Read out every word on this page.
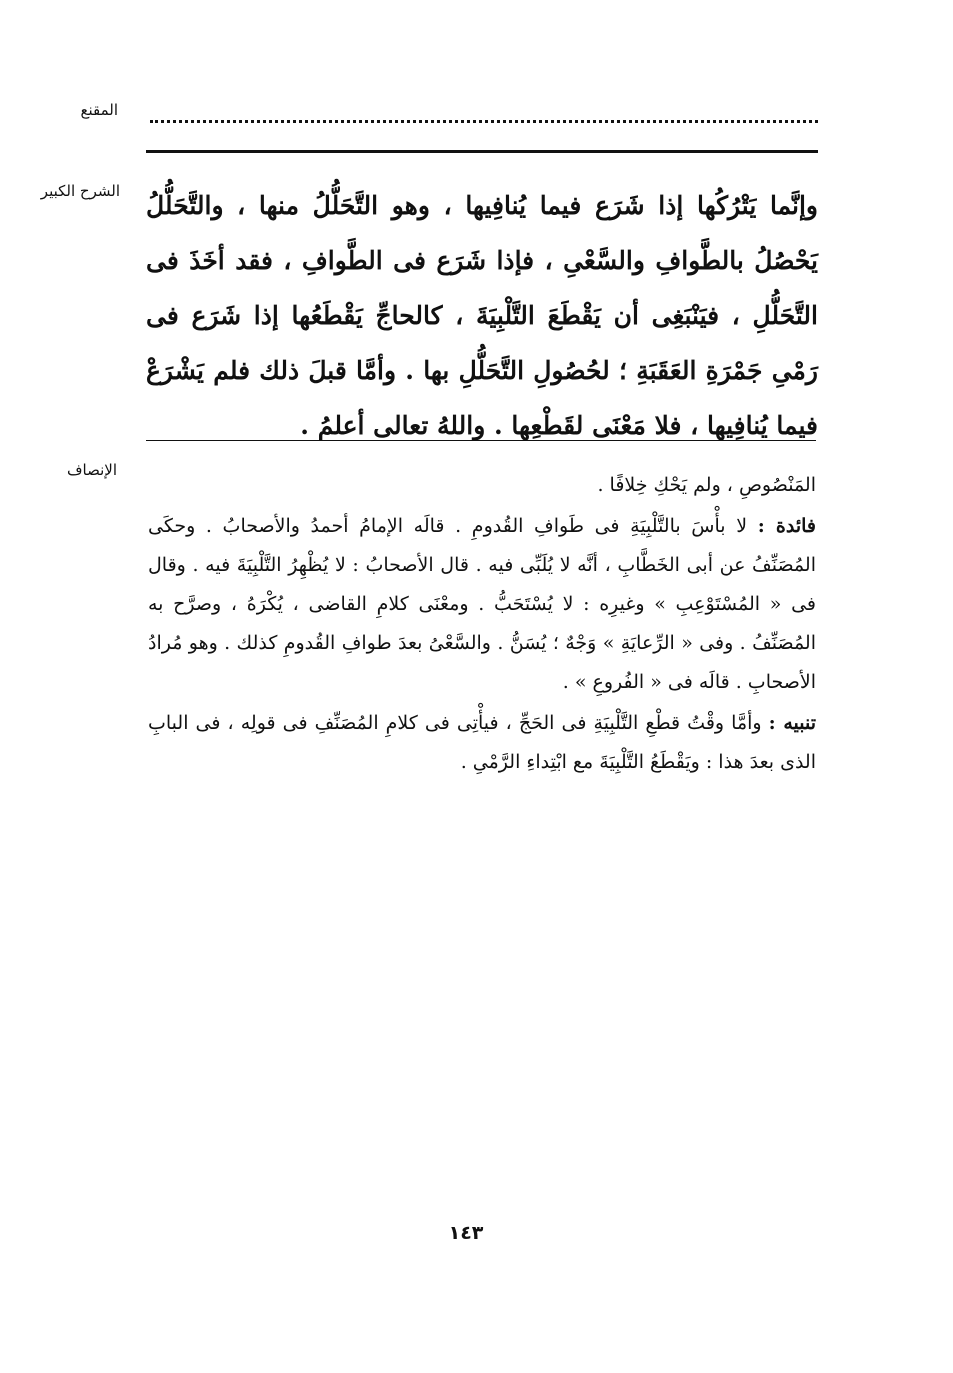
المقنع
الشرح الكبير وإنَّما يَتْرُكُها إذا شَرَع فيما يُنافِيها ، وهو التَّحَلُّلُ منها ، والتَّحَلُّلُ يَحْصُلُ بالطَّوافِ والسَّعْىِ ، فإذا شَرَع فى الطَّوافِ ، فقد أخَذَ فى التَّحَلُّلِ ، فيَنْبَغِى أن يَقْطَعَ التَّلْبِيَةَ ، كالحاجِّ يَقْطَعُها إذا شَرَع فى رَمْىِ جَمْرَةِ العَقَبَةِ ؛ لحُصُولِ التَّحَلُّلِ بها . وأمَّا قبلَ ذلك فلم يَشْرَعْ فيما يُنافِيها ، فلا مَعْنَى لقَطْعِها . واللهُ تعالى أعلمُ .

الإنصاف

المَنْصُوصِ ، ولم يَحْكِ خِلافًا .

فائدة : لا بأْسَ بالتَّلْبِيَةِ فى طَوافِ القُدومِ . قالَه الإمامُ أحمدُ والأصحابُ . وحكَى المُصَنِّفُ عن أبى الخَطَّابِ ، أنَّه لا يُلَبِّى فيه . قال الأصحابُ : لا يُظْهِرُ التَّلْبِيَةَ فيه . وقال فى « المُسْتَوْعِبِ » وغيرِه : لا يُسْتَحَبُّ . ومعْنَى كلامِ القاضى ، يُكْرَهُ ، وصرَّح به المُصَنِّفُ . وفى « الرِّعايَةِ » وَجْهٌ ؛ يُسَنُّ . والسَّعْىُ بعدَ طوافِ القُدومِ كذلك . وهو مُرادُ الأصحابِ . قالَه فى « الفُروعِ » .

تنبيه : وأمَّا وقْتُ قطْعِ التَّلْبِيَةِ فى الحَجِّ ، فيأْتِى فى كلامِ المُصَنِّفِ فى قولِه ، فى البابِ الذى بعدَ هذا : ويَقْطَعُ التَّلْبِيَةَ مع ابْتِداءِ الرَّمْىِ .

١٤٣
